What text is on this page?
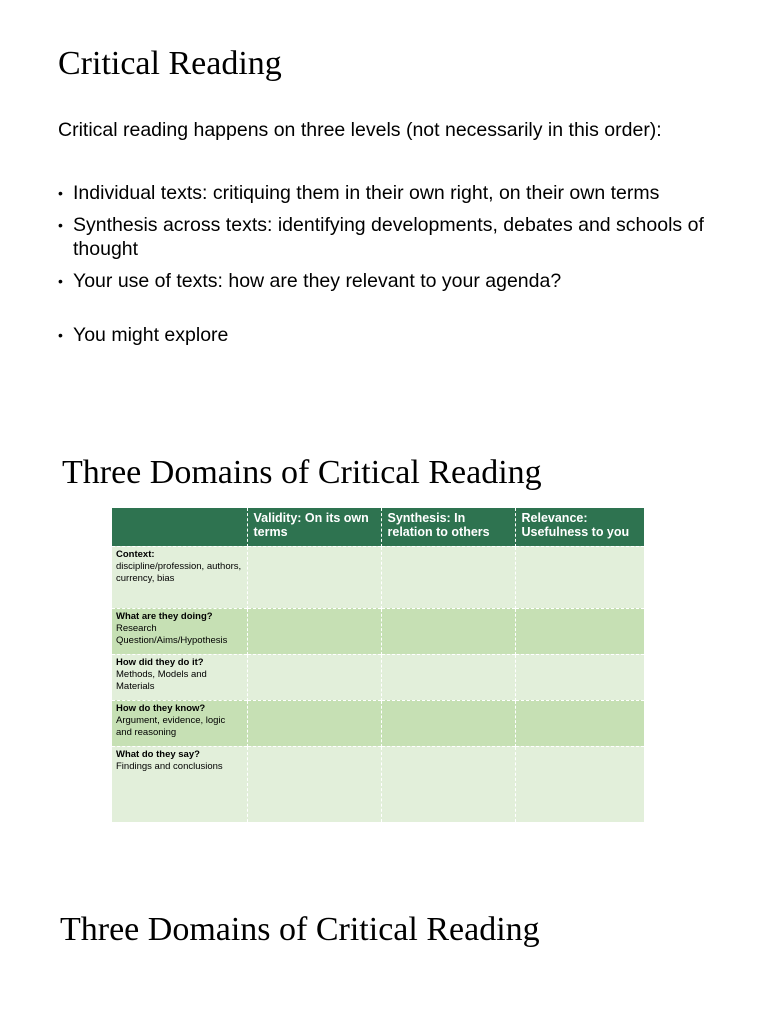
Critical Reading
Critical reading happens on three levels (not necessarily in this order):
• Individual texts: critiquing them in their own right, on their own terms
• Synthesis across texts: identifying developments, debates and schools of thought
• Your use of texts: how are they relevant to your agenda?
• You might explore
Three Domains of Critical Reading
	Validity: On its own terms	Synthesis: In relation to others	Relevance: Usefulness to you

Context:
discipline/profession, authors, currency, bias			

What are they doing?
Research Question/Aims/Hypothesis			

How did they do it?
Methods, Models and Materials			

How do they know?
Argument, evidence, logic and reasoning			

What do they say?
Findings and conclusions			
Three Domains of Critical Reading
